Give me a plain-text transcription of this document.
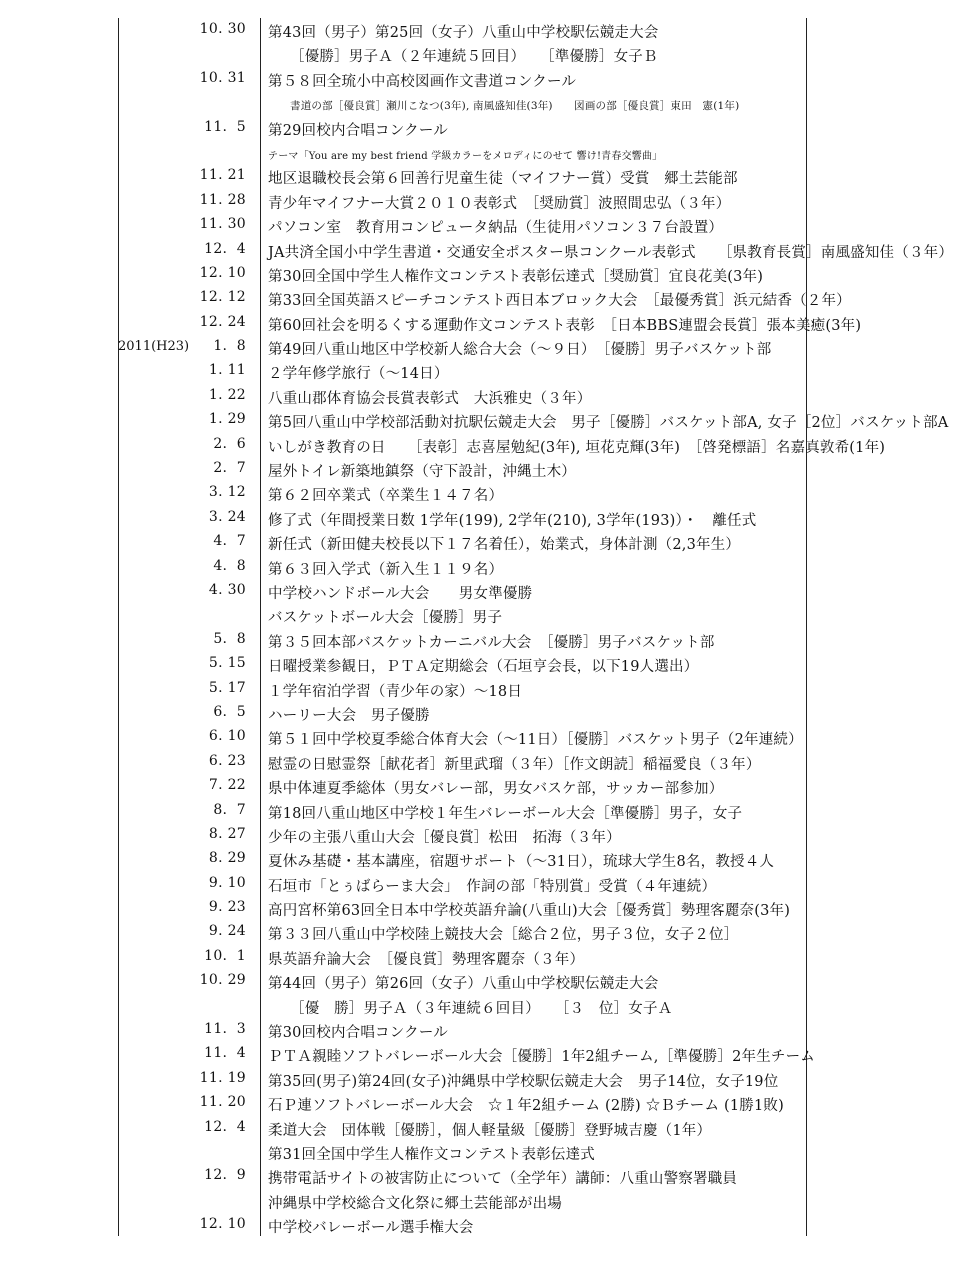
10. 30 第43回（男子）第25回（女子）八重山中学校駅伝競走大会
［優勝］男子Ａ（２年連続５回目）　　［準優勝］女子Ｂ
10. 31 第５８回全琉小中高校図画作文書道コンクール
書道の部［優良賞］瀬川こなつ(3年), 南風盛知佳(3年)　　図画の部［優良賞］東田　憲(1年)
11.  5 第29回校内合唱コンクール
テーマ「You are my best friend 学級カラーをメロディにのせて 響け!青春交響曲」
11. 21 地区退職校長会第６回善行児童生徒（マイフナー賞）受賞　郷土芸能部
11. 28 青少年マイフナー大賞２０１０表彰式　［奨励賞］波照間忠弘（３年）
11. 30 パソコン室　教育用コンピュータ納品（生徒用パソコン３７台設置）
12.  4 JA共済全国小中学生書道・交通安全ポスター県コンクール表彰式　　［県教育長賞］南風盛知佳（３年）
12. 10 第30回全国中学生人権作文コンテスト表彰伝達式［奨励賞］宜良花美(3年)
12. 12 第33回全国英語スピーチコンテスト西日本ブロック大会　［最優秀賞］浜元結香（２年）
12. 24 第60回社会を明るくする運動作文コンテスト表彰　［日本BBS連盟会長賞］張本美癒(3年)
2011(H23)	1.  8 第49回八重山地区中学校新人総合大会（～９日）　［優勝］男子バスケット部
1. 11 ２学年修学旅行（～14日）
1. 22 八重山郡体育協会長賞表彰式　大浜雅史（３年）
1. 29 第5回八重山中学校部活動対抗駅伝競走大会　男子［優勝］バスケット部A, 女子［2位］バスケット部A
2.  6 いしがき教育の日　　［表彰］志喜屋勉紀(3年), 垣花克輝(3年)　［啓発標語］名嘉真敦希(1年)
2.  7 屋外トイレ新築地鎮祭（守下設計，沖縄土木）
3. 12 第６２回卒業式（卒業生１４７名）
3. 24 修了式（年間授業日数 1学年(199), 2学年(210), 3学年(193)）・　離任式
4.  7 新任式（新田健夫校長以下１７名着任），始業式，身体計測（2,3年生）
4.  8 第６３回入学式（新入生１１９名）
4. 30 中学校ハンドボール大会　　男女準優勝
バスケットボール大会［優勝］男子
5.  8 第３５回本部バスケットカーニバル大会　［優勝］男子バスケット部
5. 15 日曜授業参観日，ＰＴＡ定期総会（石垣亨会長，以下19人選出）
5. 17 １学年宿泊学習（青少年の家）～18日
6.  5 ハーリー大会　男子優勝
6. 10 第５１回中学校夏季総合体育大会（～11日）［優勝］バスケット男子（2年連続）
6. 23 慰霊の日慰霊祭［献花者］新里武瑠（３年）［作文朗読］稲福愛良（３年）
7. 22 県中体連夏季総体（男女バレー部，男女バスケ部，サッカー部参加）
8.  7 第18回八重山地区中学校１年生バレーボール大会［準優勝］男子，女子
8. 27 少年の主張八重山大会［優良賞］松田　拓海（３年）
8. 29 夏休み基礎・基本講座，宿題サポート（～31日），琉球大学生8名，教授４人
9. 10 石垣市「とぅばらーま大会」　作詞の部「特別賞」受賞（４年連続）
9. 23 高円宮杯第63回全日本中学校英語弁論(八重山)大会［優秀賞］勢理客麗奈(3年)
9. 24 第３３回八重山中学校陸上競技大会［総合２位，男子３位，女子２位］
10.  1 県英語弁論大会　［優良賞］勢理客麗奈（３年）
10. 29 第44回（男子）第26回（女子）八重山中学校駅伝競走大会
［優　勝］男子Ａ（３年連続６回目）　　［３　位］女子Ａ
11.  3 第30回校内合唱コンクール
11.  4 ＰＴＡ親睦ソフトバレーボール大会［優勝］1年2組チーム,［準優勝］2年生チーム
11. 19 第35回(男子)第24回(女子)沖縄県中学校駅伝競走大会　男子14位，女子19位
11. 20 石Ｐ連ソフトバレーボール大会　☆１年2組チーム (2勝) ☆Ｂチーム (1勝1敗)
12.  4 柔道大会　団体戦［優勝］，個人軽量級［優勝］登野城吉慶（1年）
第31回全国中学生人権作文コンテスト表彰伝達式
12.  9 携帯電話サイトの被害防止について（全学年）講師：八重山警察署職員
沖縄県中学校総合文化祭に郷土芸能部が出場
12. 10 中学校バレーボール選手権大会
